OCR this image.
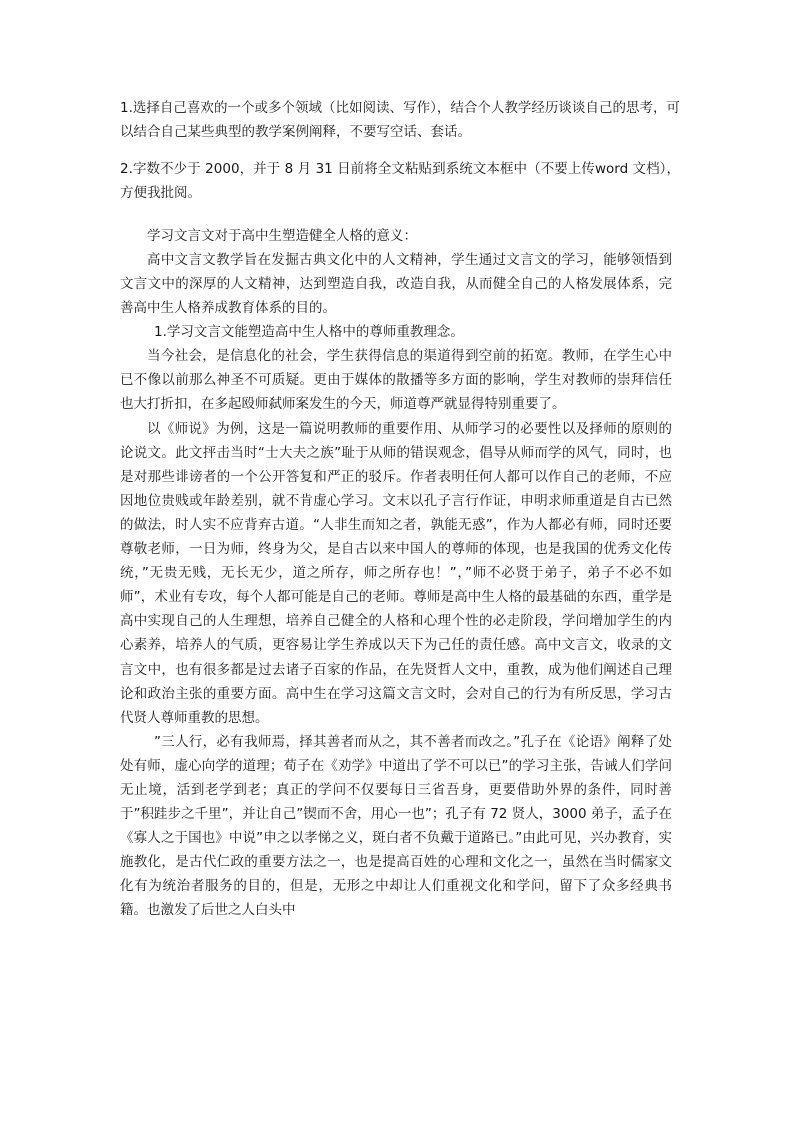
1.选择自己喜欢的一个或多个领域（比如阅读、写作），结合个人教学经历谈谈自己的思考，可以结合自己某些典型的教学案例阐释，不要写空话、套话。

2.字数不少于 2000，并于 8 月 31 日前将全文粘贴到系统文本框中（不要上传word 文档），方便我批阅。

学习文言文对于高中生塑造健全人格的意义：

高中文言文教学旨在发掘古典文化中的人文精神，学生通过文言文的学习，能够领悟到文言文中的深厚的人文精神，达到塑造自我，改造自我，从而健全自己的人格发展体系，完善高中生人格养成教育体系的目的。

1.学习文言文能塑造高中生人格中的尊师重教理念。

当今社会，是信息化的社会，学生获得信息的渠道得到空前的拓宽。教师，在学生心中已不像以前那么神圣不可质疑。更由于媒体的散播等多方面的影响，学生对教师的崇拜信任也大打折扣，在多起殴师弑师案发生的今天，师道尊严就显得特别重要了。

以《师说》为例，这是一篇说明教师的重要作用、从师学习的必要性以及择师的原则的论说文。此文抨击当时“士大夫之族”耻于从师的错误观念，倡导从师而学的风气，同时，也是对那些诽谤者的一个公开答复和严正的驳斥。作者表明任何人都可以作自己的老师，不应因地位贵贱或年龄差别，就不肯虚心学习。文末以孔子言行作证，申明求师重道是自古已然的做法，时人实不应背弃古道。“人非生而知之者，孰能无惑”，作为人都必有师，同时还要尊敬老师，一日为师，终身为父，是自古以来中国人的尊师的体现，也是我国的优秀文化传统，”无贵无贱，无长无少，道之所存，师之所存也！”，”师不必贤于弟子，弟子不必不如师”，术业有专攻，每个人都可能是自己的老师。尊师是高中生人格的最基础的东西，重学是高中实现自己的人生理想，培养自己健全的人格和心理个性的必走阶段，学问增加学生的内心素养，培养人的气质，更容易让学生养成以天下为己任的责任感。高中文言文，收录的文言文中，也有很多都是过去诸子百家的作品，在先贤哲人文中，重教，成为他们阐述自己理论和政治主张的重要方面。高中生在学习这篇文言文时，会对自己的行为有所反思，学习古代贤人尊师重教的思想。

”三人行，必有我师焉，择其善者而从之，其不善者而改之。”孔子在《论语》阐释了处处有师，虚心向学的道理；荀子在《劝学》中道出了学不可以已”的学习主张，告诫人们学问无止境，活到老学到老；真正的学问不仅要每日三省吾身，更要借助外界的条件，同时善于”积跬步之千里”，并让自己”锲而不舍，用心一也”；孔子有 72 贤人，3000 弟子，孟子在《寡人之于国也》中说”申之以孝悌之义，斑白者不负戴于道路已。”由此可见，兴办教育，实施教化，是古代仁政的重要方法之一，也是提高百姓的心理和文化之一，虽然在当时儒家文化有为统治者服务的目的，但是，无形之中却让人们重视文化和学问，留下了众多经典书籍。也激发了后世之人白头中
